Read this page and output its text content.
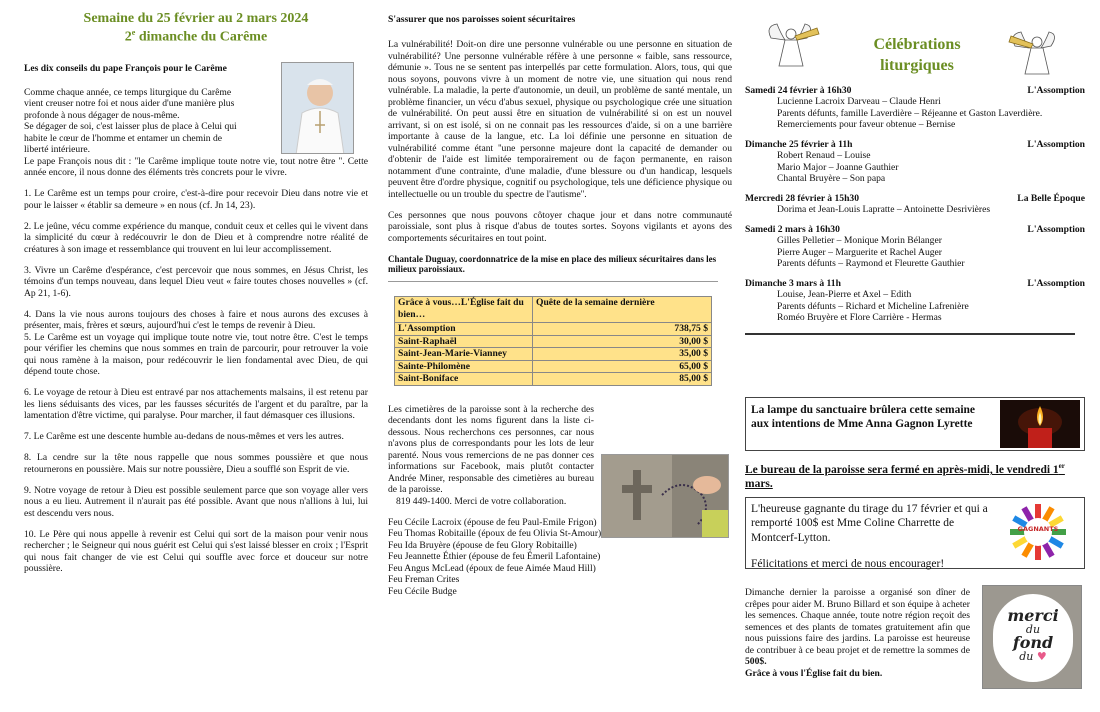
Semaine du 25 février au 2 mars 2024
2e dimanche du Carême
Les dix conseils du pape François pour le Carême
Comme chaque année, ce temps liturgique du Carême
vient creuser notre foi et nous aider d'une manière plus
profonde à nous dégager de nous-même.
Se dégager de soi, c'est laisser plus de place à Celui qui
habite le cœur de l'homme et entamer un chemin de
liberté intérieure.

Le pape François nous dit : "le Carême implique toute notre vie, tout notre être ". Cette année encore, il nous donne des éléments très concrets pour le vivre.

1. Le Carême est un temps pour croire, c'est-à-dire pour recevoir Dieu dans notre vie et pour le laisser « établir sa demeure » en nous (cf. Jn 14, 23).

2. Le jeûne, vécu comme expérience du manque, conduit ceux et celles qui le vivent dans la simplicité du cœur à redécouvrir le don de Dieu et à comprendre notre réalité de créatures à son image et ressemblance qui trouvent en lui leur accomplissement.

3. Vivre un Carême d'espérance, c'est percevoir que nous sommes, en Jésus Christ, les témoins d'un temps nouveau, dans lequel Dieu veut « faire toutes choses nouvelles » (cf. Ap 21, 1-6).

4. Dans la vie nous aurons toujours des choses à faire et nous aurons des excuses à présenter, mais, frères et sœurs, aujourd'hui c'est le temps de revenir à Dieu.

5. Le Carême est un voyage qui implique toute notre vie, tout notre être. C'est le temps pour vérifier les chemins que nous sommes en train de parcourir, pour retrouver la voie qui nous ramène à la maison, pour redécouvrir le lien fondamental avec Dieu, de qui dépend toute chose.

6. Le voyage de retour à Dieu est entravé par nos attachements malsains, il est retenu par les liens séduisants des vices, par les fausses sécurités de l'argent et du paraître, par la lamentation d'être victime, qui paralyse. Pour marcher, il faut démasquer ces illusions.

7. Le Carême est une descente humble au-dedans de nous-mêmes et vers les autres.

8. La cendre sur la tête nous rappelle que nous sommes poussière et que nous retournerons en poussière. Mais sur notre poussière, Dieu a soufflé son Esprit de vie.

9. Notre voyage de retour à Dieu est possible seulement parce que son voyage aller vers nous a eu lieu. Autrement il n'aurait pas été possible. Avant que nous n'allions à lui, lui est descendu vers nous.

10. Le Père qui nous appelle à revenir est Celui qui sort de la maison pour venir nous rechercher ; le Seigneur qui nous guérit est Celui qui s'est laissé blesser en croix ; l'Esprit qui nous fait changer de vie est Celui qui souffle avec force et douceur sur notre poussière.

S'assurer que nos paroisses soient sécuritaires

La vulnérabilité! Doit-on dire une personne vulnérable ou une personne en situation de vulnérabilité? Une personne vulnérable réfère à une personne « faible, sans ressource, démunie ». Tous ne se sentent pas interpellés par cette formulation. Alors, tous, qui que nous soyons, pouvons vivre à un moment de notre vie, une situation qui nous rend vulnérable. La maladie, la perte d'autonomie, un deuil, un problème de santé mentale, un problème financier, un vécu d'abus sexuel, physique ou psychologique crée une situation de vulnérabilité. On peut aussi être en situation de vulnérabilité si on est un nouvel arrivant, si on est isolé, si on ne connait pas les ressources d'aide, si on a une barrière importante à cause de la langue, etc. La loi définie une personne en situation de vulnérabilité comme étant ''une personne majeure dont la capacité de demander ou d'obtenir de l'aide est limitée temporairement ou de façon permanente, en raison notamment d'une contrainte, d'une maladie, d'une blessure ou d'un handicap, lesquels peuvent être d'ordre physique, cognitif ou psychologique, tels une déficience physique ou intellectuelle ou un trouble du spectre de l'autisme''.

Ces personnes que nous pouvons côtoyer chaque jour et dans notre communauté paroissiale, sont plus à risque d'abus de toutes sortes. Soyons vigilants et ayons des comportements sécuritaires en tout point.

Chantale Duguay, coordonnatrice de la mise en place des milieux sécuritaires dans les milieux paroissiaux.

Grâce à vous…L'Église fait du bien…	Quête de la semaine dernière
L'Assomption	738,75 $
Saint-Raphaël	30,00 $
Saint-Jean-Marie-Vianney	35,00 $
Sainte-Philomène	65,00 $
Saint-Boniface	85,00 $

Les cimetières de la paroisse sont à la recherche des decendants dont les noms figurent dans la liste ci-dessous. Nous recherchons ces personnes, car nous n'avons plus de correspondants pour les lots de leur parenté. Nous vous remercions de ne pas donner ces informations sur Facebook, mais plutôt contacter Andrée Miner, responsable des cimetières au bureau de la paroisse.

819 449-1400. Merci de votre collaboration.

Feu Cécile Lacroix (épouse de feu Paul-Emile Frigon)
Feu Thomas Robitaille (époux de feu Olivia St-Amour)
Feu Ida Bruyère (épouse de feu Glory Robitaille)
Feu Jeannette Éthier (épouse de feu Émeril Lafontaine)
Feu Angus McLead (époux de feue Aimée Maud Hill)
Feu Freman Crites
Feu Cécile Budge
Célébrations
liturgiques
Samedi 24 février à 16h30	L'Assomption
Lucienne Lacroix Darveau – Claude Henri
Parents défunts, famille Laverdière – Réjeanne et Gaston Laverdière.
Remerciements pour faveur obtenue – Bernise
Dimanche 25 février à 11h	L'Assomption
Robert Renaud – Louise
Mario Major – Joanne Gauthier
Chantal Bruyère – Son papa
Mercredi 28 février à 15h30	La Belle Époque
Dorima et Jean-Louis Lapratte – Antoinette Desrivières
Samedi 2 mars à 16h30	L'Assomption
Gilles Pelletier – Monique Morin Bélanger
Pierre Auger – Marguerite et Rachel Auger
Parents défunts – Raymond et Fleurette Gauthier
Dimanche 3 mars à 11h	L'Assomption
Louise, Jean-Pierre et Axel – Edith
Parents défunts – Richard et Micheline Lafrenière
Roméo Bruyère et Flore Carrière - Hermas
La lampe du sanctuaire brûlera cette semaine aux intentions de Mme Anna Gagnon Lyrette
Le bureau de la paroisse sera fermé en après-midi, le vendredi 1er mars.
L'heureuse gagnante du tirage du 17 février et qui a remporté 100$ est Mme Coline Charrette de Montcerf-Lytton.
Félicitations et merci de nous encourager!
GAGNANTS

Dimanche dernier la paroisse a organisé son dîner de crêpes pour aider M. Bruno Billard et son équipe à acheter les semences. Chaque année, toute notre région reçoit des semences et des plants de tomates gratuitement afin que nous puissions faire des jardins. La paroisse est heureuse de contribuer à ce beau projet et de remettre la sommes de 500$.

Grâce à vous l'Église fait du bien.

merci
du
fond
du ♥
